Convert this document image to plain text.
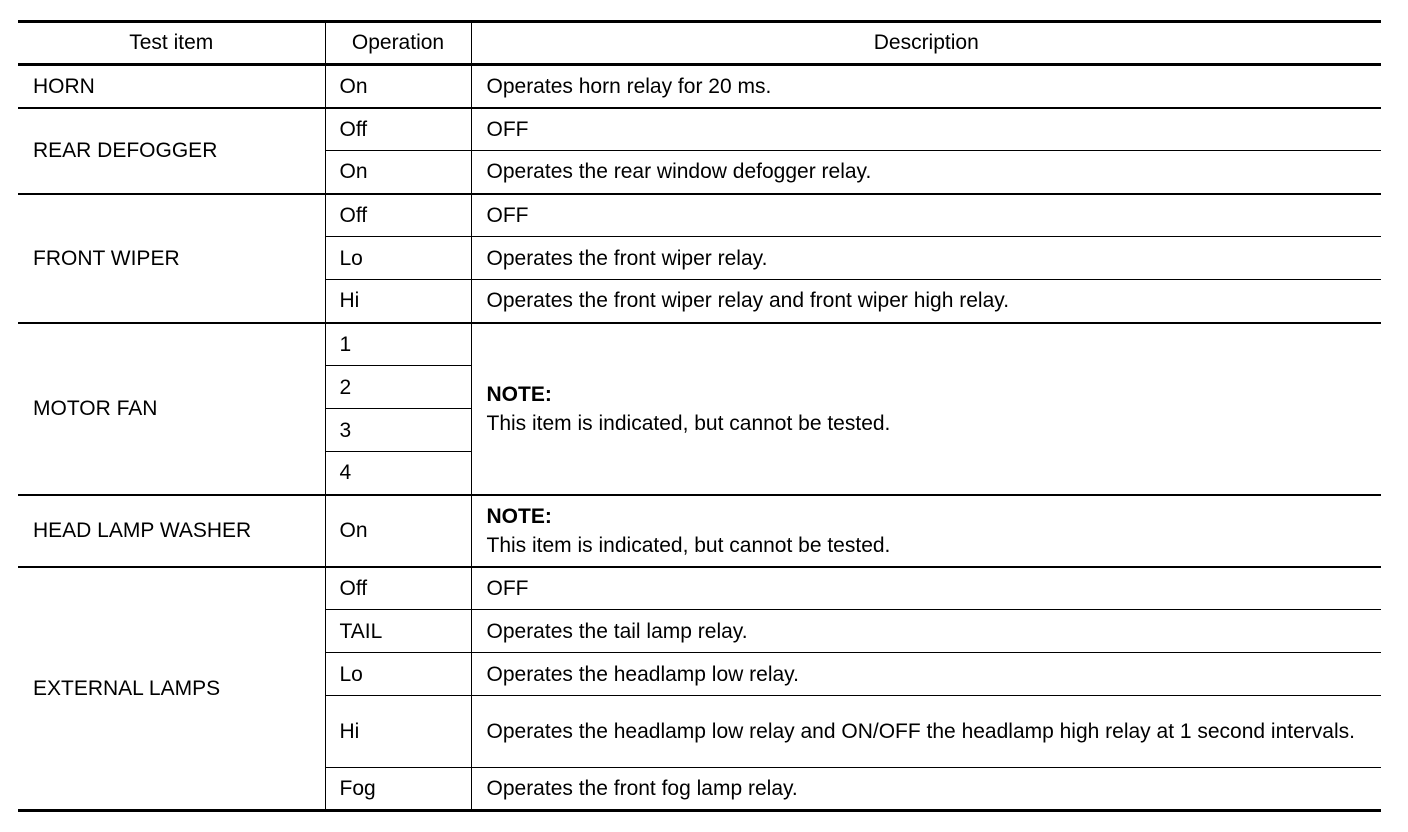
Test item	Operation	Description
HORN	On	Operates horn relay for 20 ms.
REAR DEFOGGER	Off	OFF
	On	Operates the rear window defogger relay.
FRONT WIPER	Off	OFF
	Lo	Operates the front wiper relay.
	Hi	Operates the front wiper relay and front wiper high relay.
MOTOR FAN	1	NOTE:
This item is indicated, but cannot be tested.

	2	
	3	
	4	
HEAD LAMP WASHER	On	NOTE:
This item is indicated, but cannot be tested.

EXTERNAL LAMPS	Off	OFF
	TAIL	Operates the tail lamp relay.
	Lo	Operates the headlamp low relay.
	Hi	Operates the headlamp low relay and ON/OFF the headlamp high relay at 1 second intervals.
	Fog	Operates the front fog lamp relay.
